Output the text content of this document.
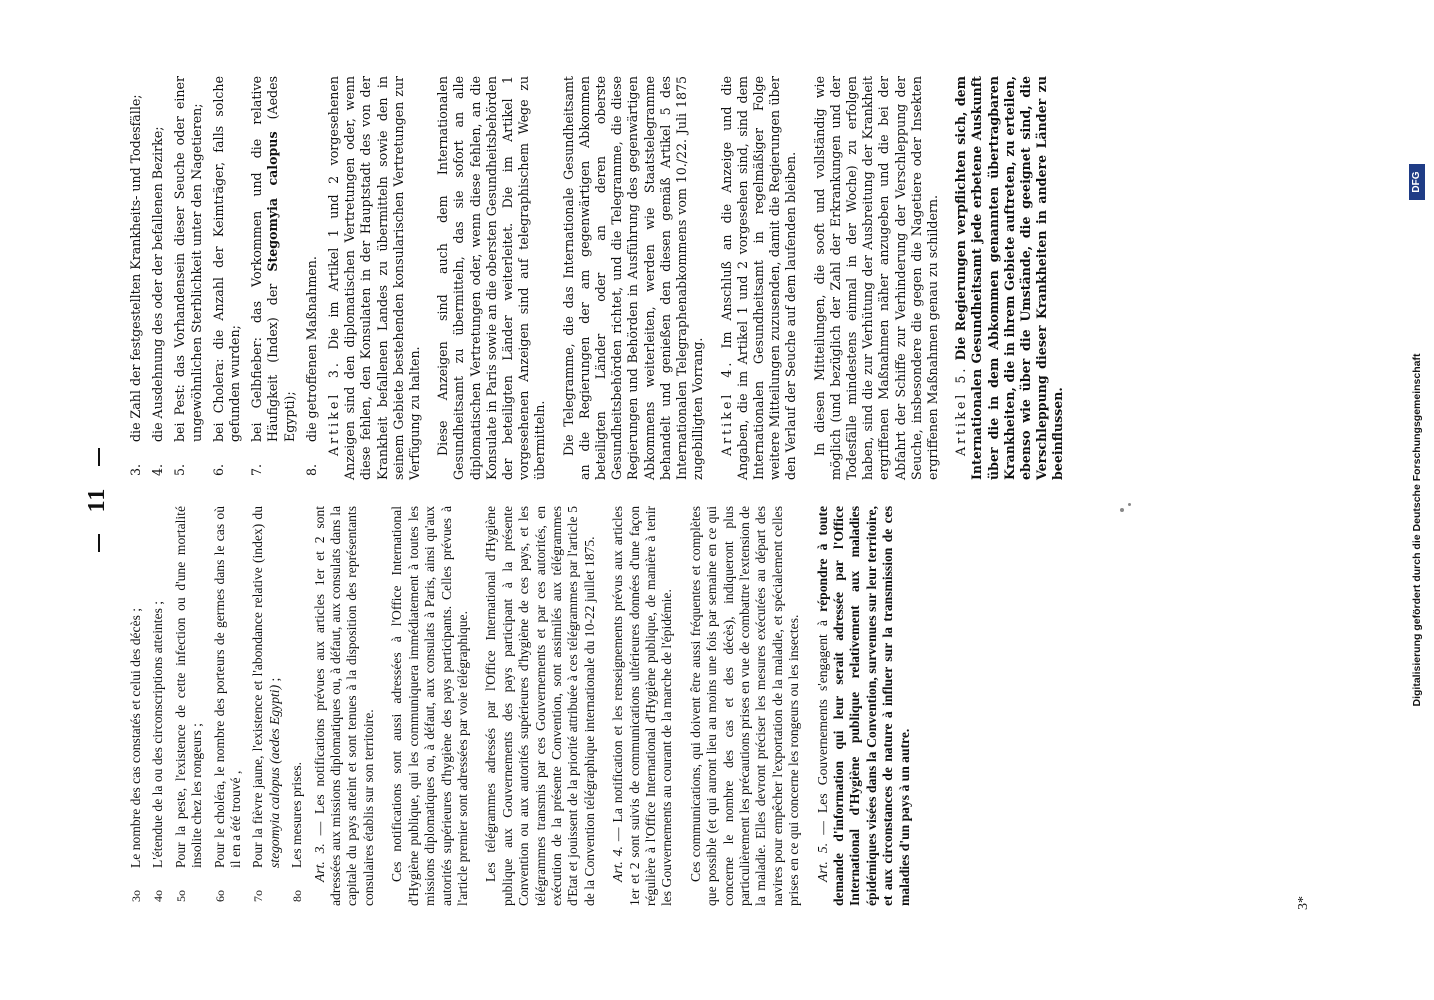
11
3o
Le nombre des cas constatés et celui des décès ;
4o
L'étendue de la ou des circonscriptions atteintes ;
5o
Pour la peste, l'existence de cette infection ou d'une mortalité insolite chez les rongeurs ;
6o
Pour le choléra, le nombre des porteurs de germes dans le cas où il en a été trouvé ,
7o
Pour la fièvre jaune, l'existence et l'abondance relative (index) du stegomyia calopus (aedes Egypti) ;
8o
Les mesures prises. Art. 3. — Les notifications prévues aux articles 1er et 2 sont adressées aux missions diplomatiques ou, à défaut, aux consulats dans la capitale du pays atteint et sont tenues à la disposition des représentants consulaires établis sur son territoire. Ces notifications sont aussi adressées à l'Office International d'Hygiène publique, qui les communiquera immédiatement à toutes les missions diplomatiques ou, à défaut, aux consulats à Paris, ainsi qu'aux autorités supérieures d'hygiène des pays participants. Celles prévues à l'article premier sont adressées par voie télégraphique. Les télégrammes adressés par l'Office International d'Hygiène publique aux Gouvernements des pays participant à la présente Convention ou aux autorités supérieures d'hygiène de ces pays, et les télégrammes transmis par ces Gouvernements et par ces autorités, en exécution de la présente Convention, sont assimilés aux télégrammes d'Etat et jouissent de la priorité attribuée à ces télégrammes par l'article 5 de la Convention télégraphique internationale du 10-22 juillet 1875. Art. 4. — La notification et les renseignements prévus aux articles 1er et 2 sont suivis de communications ultérieures données d'une façon régulière à l'Office International d'Hygiène publique, de manière à tenir les Gouvernements au courant de la marche de l'épidémie. Ces communications, qui doivent être aussi fréquentes et complètes que possible (et qui auront lieu au moins une fois par semaine en ce qui concerne le nombre des cas et des décès), indiqueront plus particulièrement les précautions prises en vue de combattre l'extension de la maladie. Elles devront préciser les mesures exécutées au départ des navires pour empêcher l'exportation de la maladie, et spécialement celles prises en ce qui concerne les rongeurs ou les insectes. Art. 5. — Les Gouvernements s'engagent à répondre à toute demande d'information qui leur serait adressée par l'Office International d'Hygiène publique relativement aux maladies épidémiques visées dans la Convention, survenues sur leur territoire, et aux circonstances de nature à influer sur la transmission de ces maladies d'un pays à un autre.

3.
die Zahl der festgestellten Krankheits- und Todesfälle;
4.
die Ausdehnung des oder der befallenen Bezirke;
5.
bei Pest: das Vorhandensein dieser Seuche oder einer ungewöhnlichen Sterblichkeit unter den Nagetieren;
6.
bei Cholera: die Anzahl der Keimträger, falls solche gefunden wurden;
7.
bei Gelbfieber: das Vorkommen und die relative Häufigkeit (Index) der Stegomyia calopus (Aedes Egypti);
8.
die getroffenen Maßnahmen. Artikel 3. Die im Artikel 1 und 2 vorgesehenen Anzeigen sind den diplomatischen Vertretungen oder, wenn diese fehlen, den Konsulaten in der Hauptstadt des von der Krankheit befallenen Landes zu übermitteln sowie den in seinem Gebiete bestehenden konsularischen Vertretungen zur Verfügung zu halten. Diese Anzeigen sind auch dem Internationalen Gesundheitsamt zu übermitteln, das sie sofort an alle diplomatischen Vertretungen oder, wenn diese fehlen, an die Konsulate in Paris sowie an die obersten Gesundheitsbehörden der beteiligten Länder weiterleitet. Die im Artikel 1 vorgesehenen Anzeigen sind auf telegraphischem Wege zu übermitteln. Die Telegramme, die das Internationale Gesundheitsamt an die Regierungen der am gegenwärtigen Abkommen beteiligten Länder oder an deren oberste Gesundheitsbehörden richtet, und die Telegramme, die diese Regierungen und Behörden in Ausführung des gegenwärtigen Abkommens weiterleiten, werden wie Staatstelegramme behandelt und genießen den diesen gemäß Artikel 5 des Internationalen Telegraphenabkommens vom 10./22. Juli 1875 zugebilligten Vorrang. Artikel 4. Im Anschluß an die Anzeige und die Angaben, die im Artikel 1 und 2 vorgesehen sind, sind dem Internationalen Gesundheitsamt in regelmäßiger Folge weitere Mitteilungen zuzusenden, damit die Regierungen über den Verlauf der Seuche auf dem laufenden bleiben. In diesen Mitteilungen, die sooft und vollständig wie möglich (und bezüglich der Zahl der Erkrankungen und der Todesfälle mindestens einmal in der Woche) zu erfolgen haben, sind die zur Verhütung der Ausbreitung der Krankheit ergriffenen Maßnahmen näher anzugeben und die bei der Abfahrt der Schiffe zur Verhinderung der Verschleppung der Seuche, insbesondere die gegen die Nagetiere oder Insekten ergriffenen Maßnahmen genau zu schildern. Artikel 5. Die Regierungen verpflichten sich, dem Internationalen Gesundheitsamt jede erbetene Auskunft über die in dem Abkommen genannten übertragbaren Krankheiten, die in ihrem Gebiete auftreten, zu erteilen, ebenso wie über die Umstände, die geeignet sind, die Verschleppung dieser Krankheiten in andere Länder zu beeinflussen.

3*
Digitalisierung gefördert durch die Deutsche Forschungsgemeinschaft
DFG
